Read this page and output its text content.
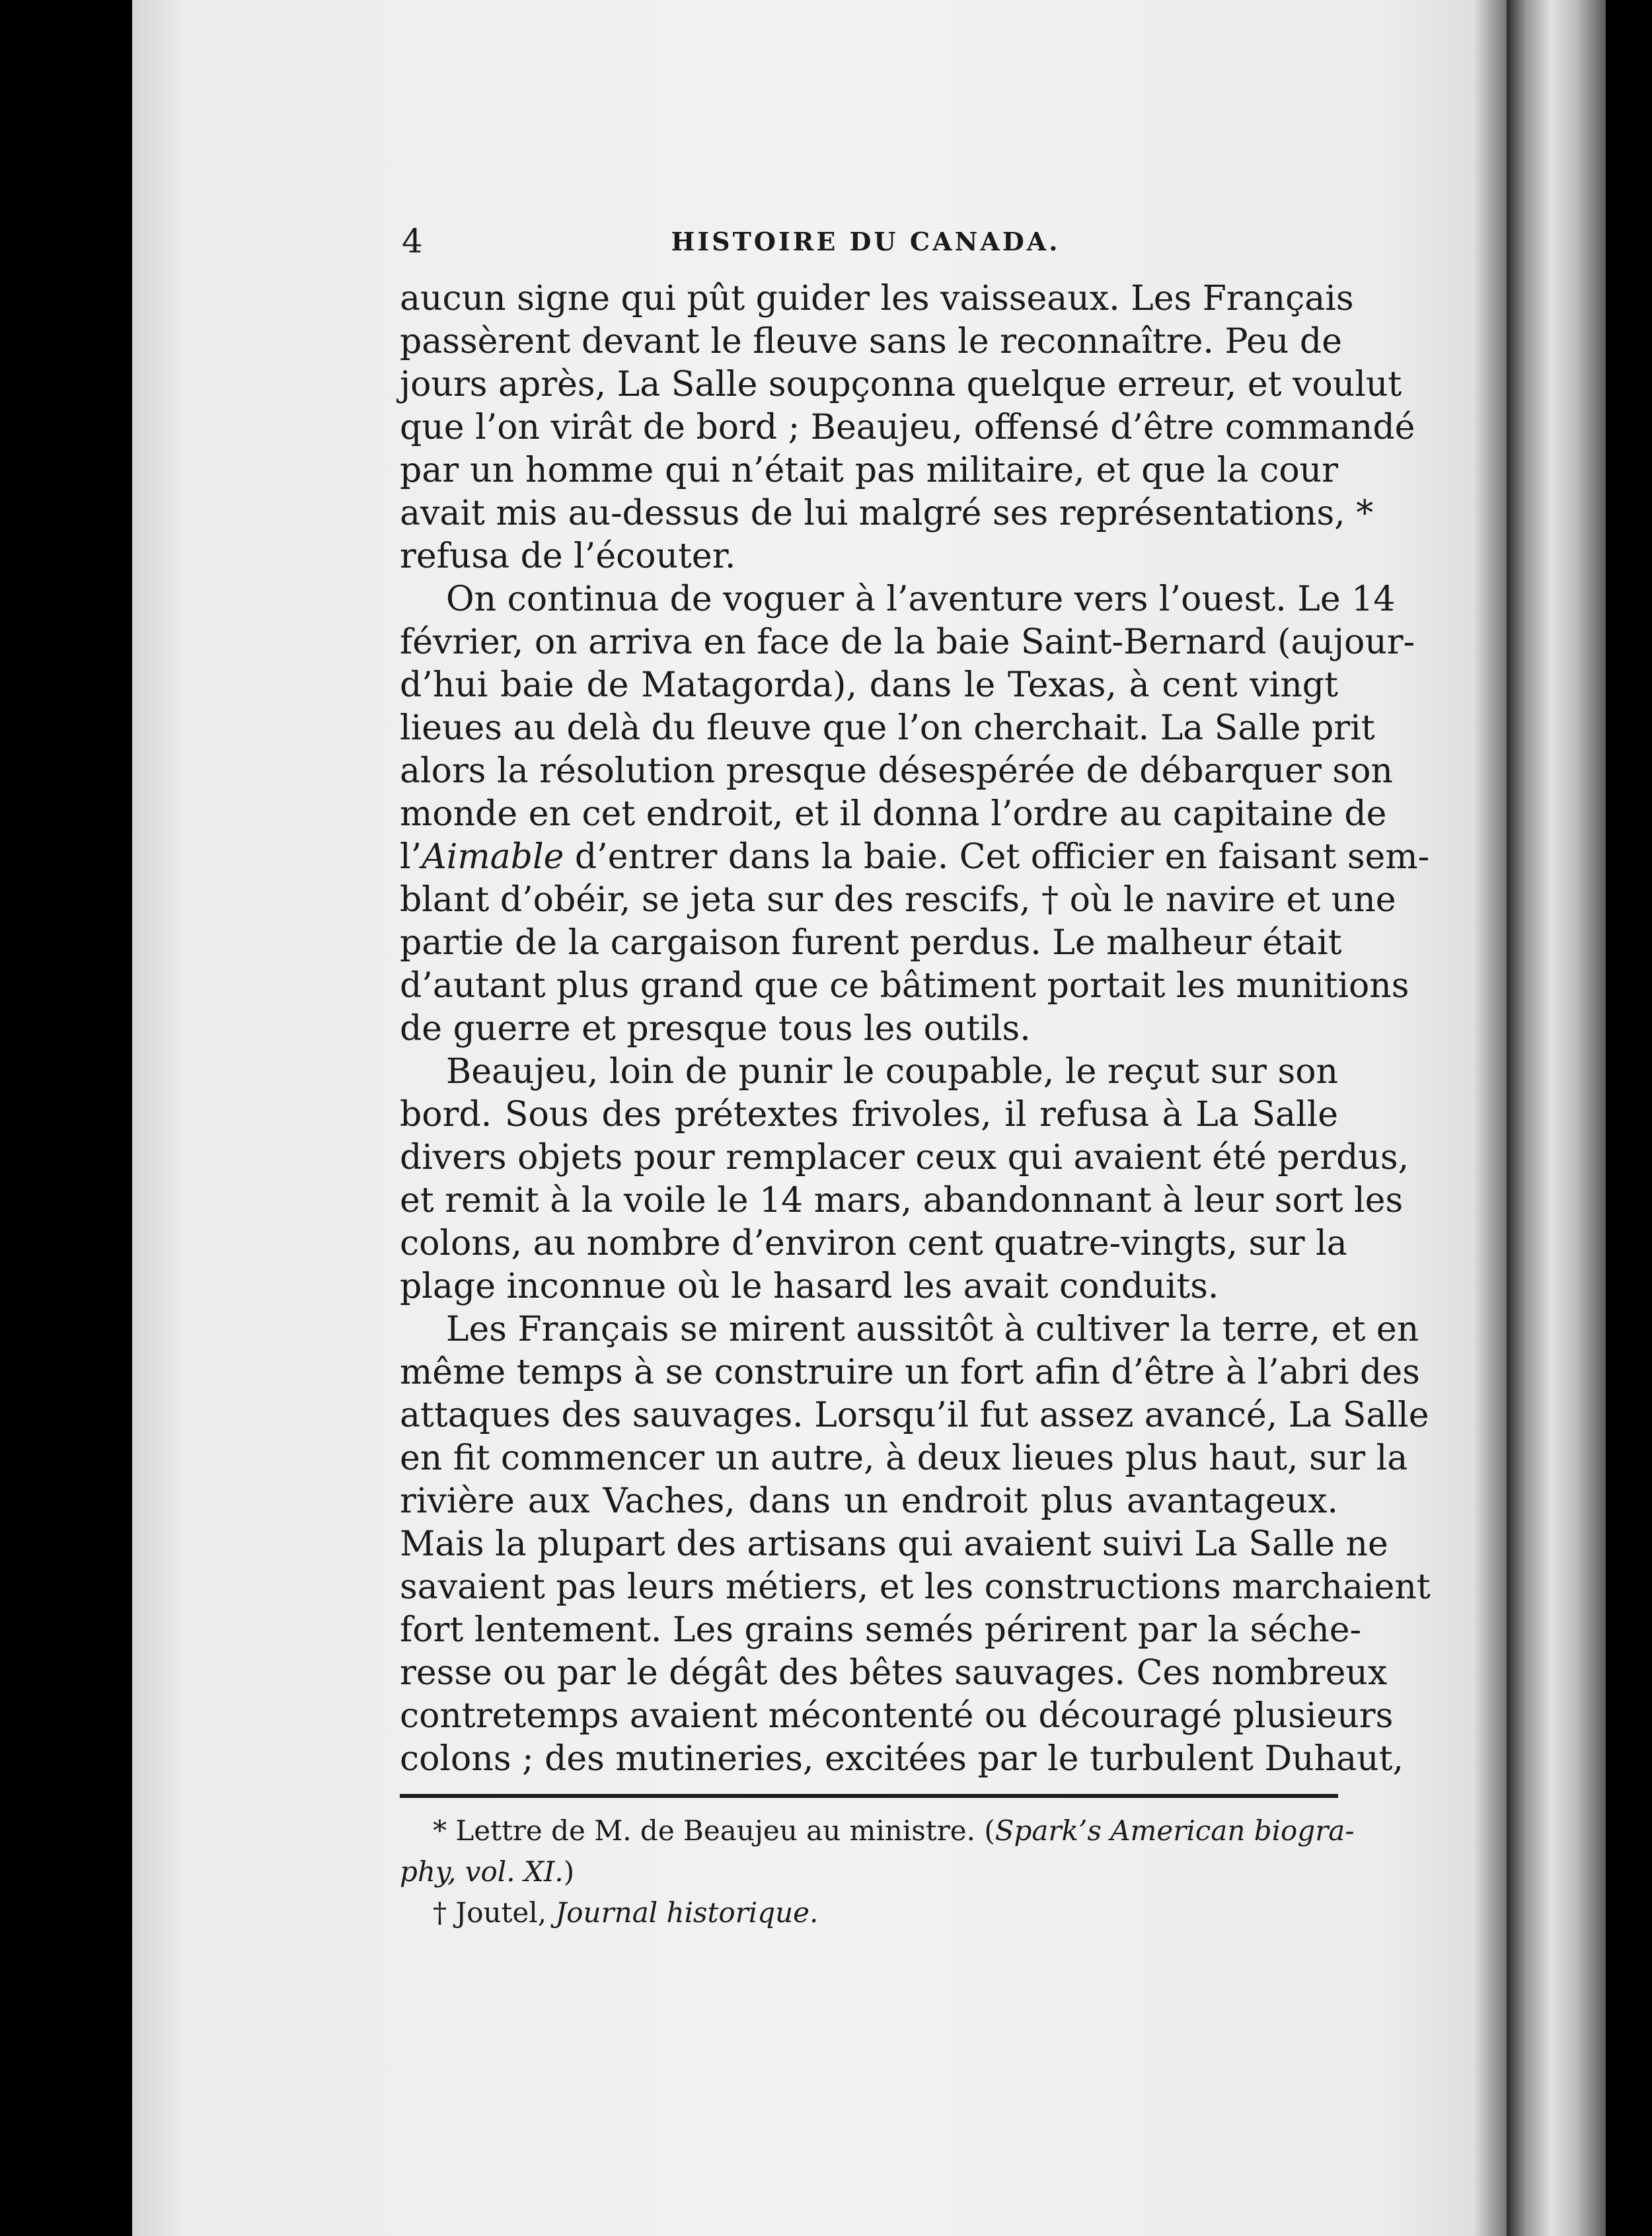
4	HISTOIRE DU CANADA.
aucun signe qui pût guider les vaisseaux. Les Français
passèrent devant le fleuve sans le reconnaître. Peu de
jours après, La Salle soupçonna quelque erreur, et voulut
que l’on virât de bord ; Beaujeu, offensé d’être commandé
par un homme qui n’était pas militaire, et que la cour
avait mis au-dessus de lui malgré ses représentations, *
refusa de l’écouter.
On continua de voguer à l’aventure vers l’ouest. Le 14
février, on arriva en face de la baie Saint-Bernard (aujour-
d’hui baie de Matagorda), dans le Texas, à cent vingt
lieues au delà du fleuve que l’on cherchait. La Salle prit
alors la résolution presque désespérée de débarquer son
monde en cet endroit, et il donna l’ordre au capitaine de
l’Aimable d’entrer dans la baie. Cet officier en faisant sem-
blant d’obéir, se jeta sur des rescifs, † où le navire et une
partie de la cargaison furent perdus. Le malheur était
d’autant plus grand que ce bâtiment portait les munitions
de guerre et presque tous les outils.
Beaujeu, loin de punir le coupable, le reçut sur son
bord. Sous des prétextes frivoles, il refusa à La Salle
divers objets pour remplacer ceux qui avaient été perdus,
et remit à la voile le 14 mars, abandonnant à leur sort les
colons, au nombre d’environ cent quatre-vingts, sur la
plage inconnue où le hasard les avait conduits.
Les Français se mirent aussitôt à cultiver la terre, et en
même temps à se construire un fort afin d’être à l’abri des
attaques des sauvages. Lorsqu’il fut assez avancé, La Salle
en fit commencer un autre, à deux lieues plus haut, sur la
rivière aux Vaches, dans un endroit plus avantageux.
Mais la plupart des artisans qui avaient suivi La Salle ne
savaient pas leurs métiers, et les constructions marchaient
fort lentement. Les grains semés périrent par la séche-
resse ou par le dégât des bêtes sauvages. Ces nombreux
contretemps avaient mécontenté ou découragé plusieurs
colons ; des mutineries, excitées par le turbulent Duhaut,
* Lettre de M. de Beaujeu au ministre. (Spark’s American biogra-
phy, vol. XI.)
† Joutel, Journal historique.
